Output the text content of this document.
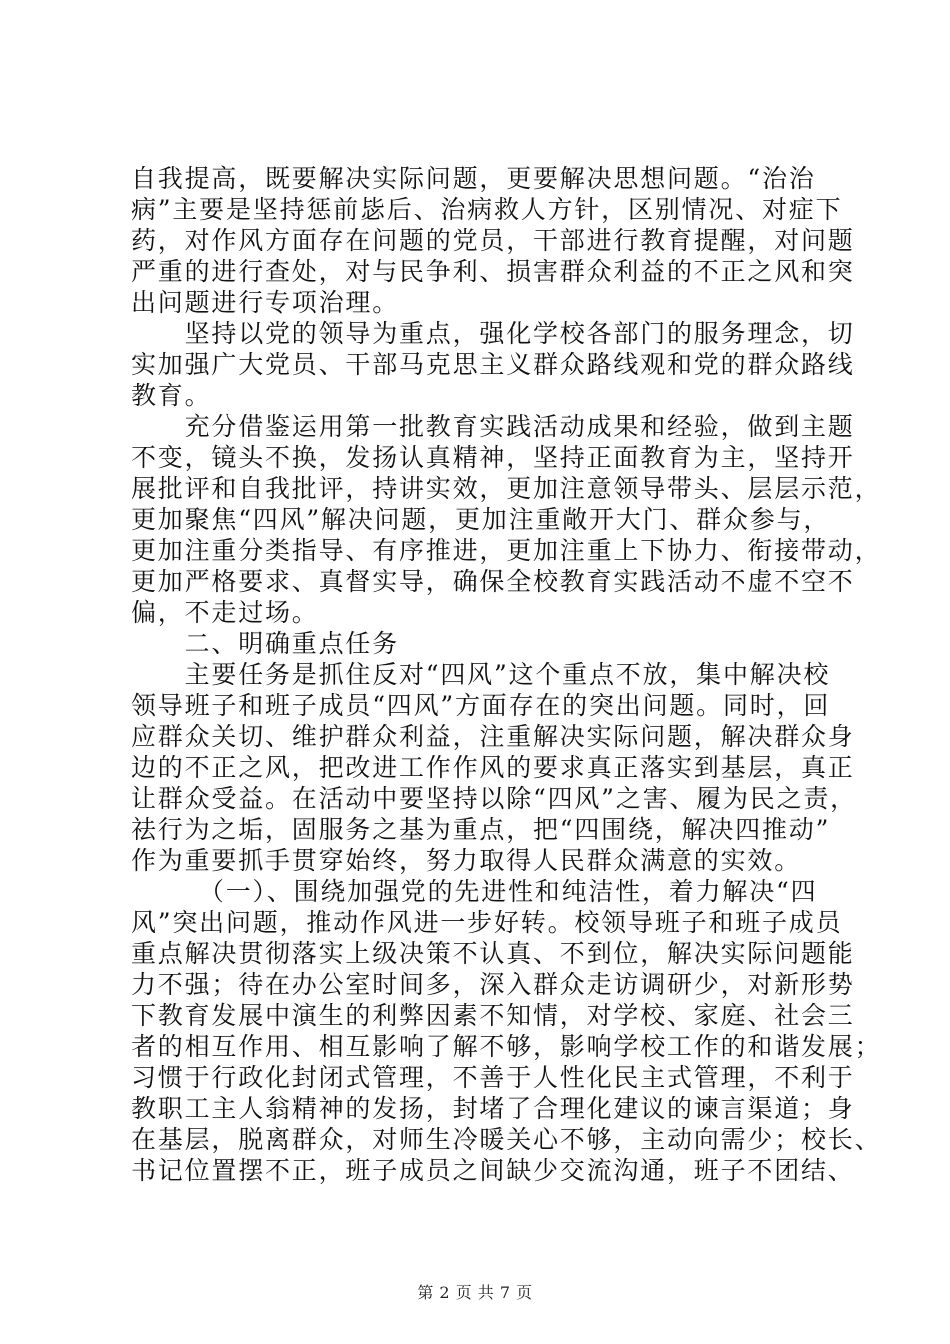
自我提高，既要解决实际问题，更要解决思想问题。“治治
病”主要是坚持惩前毖后、治病救人方针，区别情况、对症下
药，对作风方面存在问题的党员，干部进行教育提醒，对问题
严重的进行查处，对与民争利、损害群众利益的不正之风和突
出问题进行专项治理。
　　坚持以党的领导为重点，强化学校各部门的服务理念，切
实加强广大党员、干部马克思主义群众路线观和党的群众路线
教育。
　　充分借鉴运用第一批教育实践活动成果和经验，做到主题
不变，镜头不换，发扬认真精神，坚持正面教育为主，坚持开
展批评和自我批评，持讲实效，更加注意领导带头、层层示范，
更加聚焦“四风”解决问题，更加注重敞开大门、群众参与，
更加注重分类指导、有序推进，更加注重上下协力、衔接带动，
更加严格要求、真督实导，确保全校教育实践活动不虚不空不
偏，不走过场。
　　二、明确重点任务
　　主要任务是抓住反对“四风”这个重点不放，集中解决校
领导班子和班子成员“四风”方面存在的突出问题。同时，回
应群众关切、维护群众利益，注重解决实际问题，解决群众身
边的不正之风，把改进工作作风的要求真正落实到基层，真正
让群众受益。在活动中要坚持以除“四风”之害、履为民之责，
祛行为之垢，固服务之基为重点，把“四围绕，解决四推动”
作为重要抓手贯穿始终，努力取得人民群众满意的实效。
　　　（一）、围绕加强党的先进性和纯洁性，着力解决“四
风”突出问题，推动作风进一步好转。校领导班子和班子成员
重点解决贯彻落实上级决策不认真、不到位，解决实际问题能
力不强；待在办公室时间多，深入群众走访调研少，对新形势
下教育发展中演生的利弊因素不知情，对学校、家庭、社会三
者的相互作用、相互影响了解不够，影响学校工作的和谐发展；
习惯于行政化封闭式管理，不善于人性化民主式管理，不利于
教职工主人翁精神的发扬，封堵了合理化建议的谏言渠道；身
在基层，脱离群众，对师生冷暖关心不够，主动向需少；校长、
书记位置摆不正，班子成员之间缺少交流沟通，班子不团结、
第 2 页 共 7 页
